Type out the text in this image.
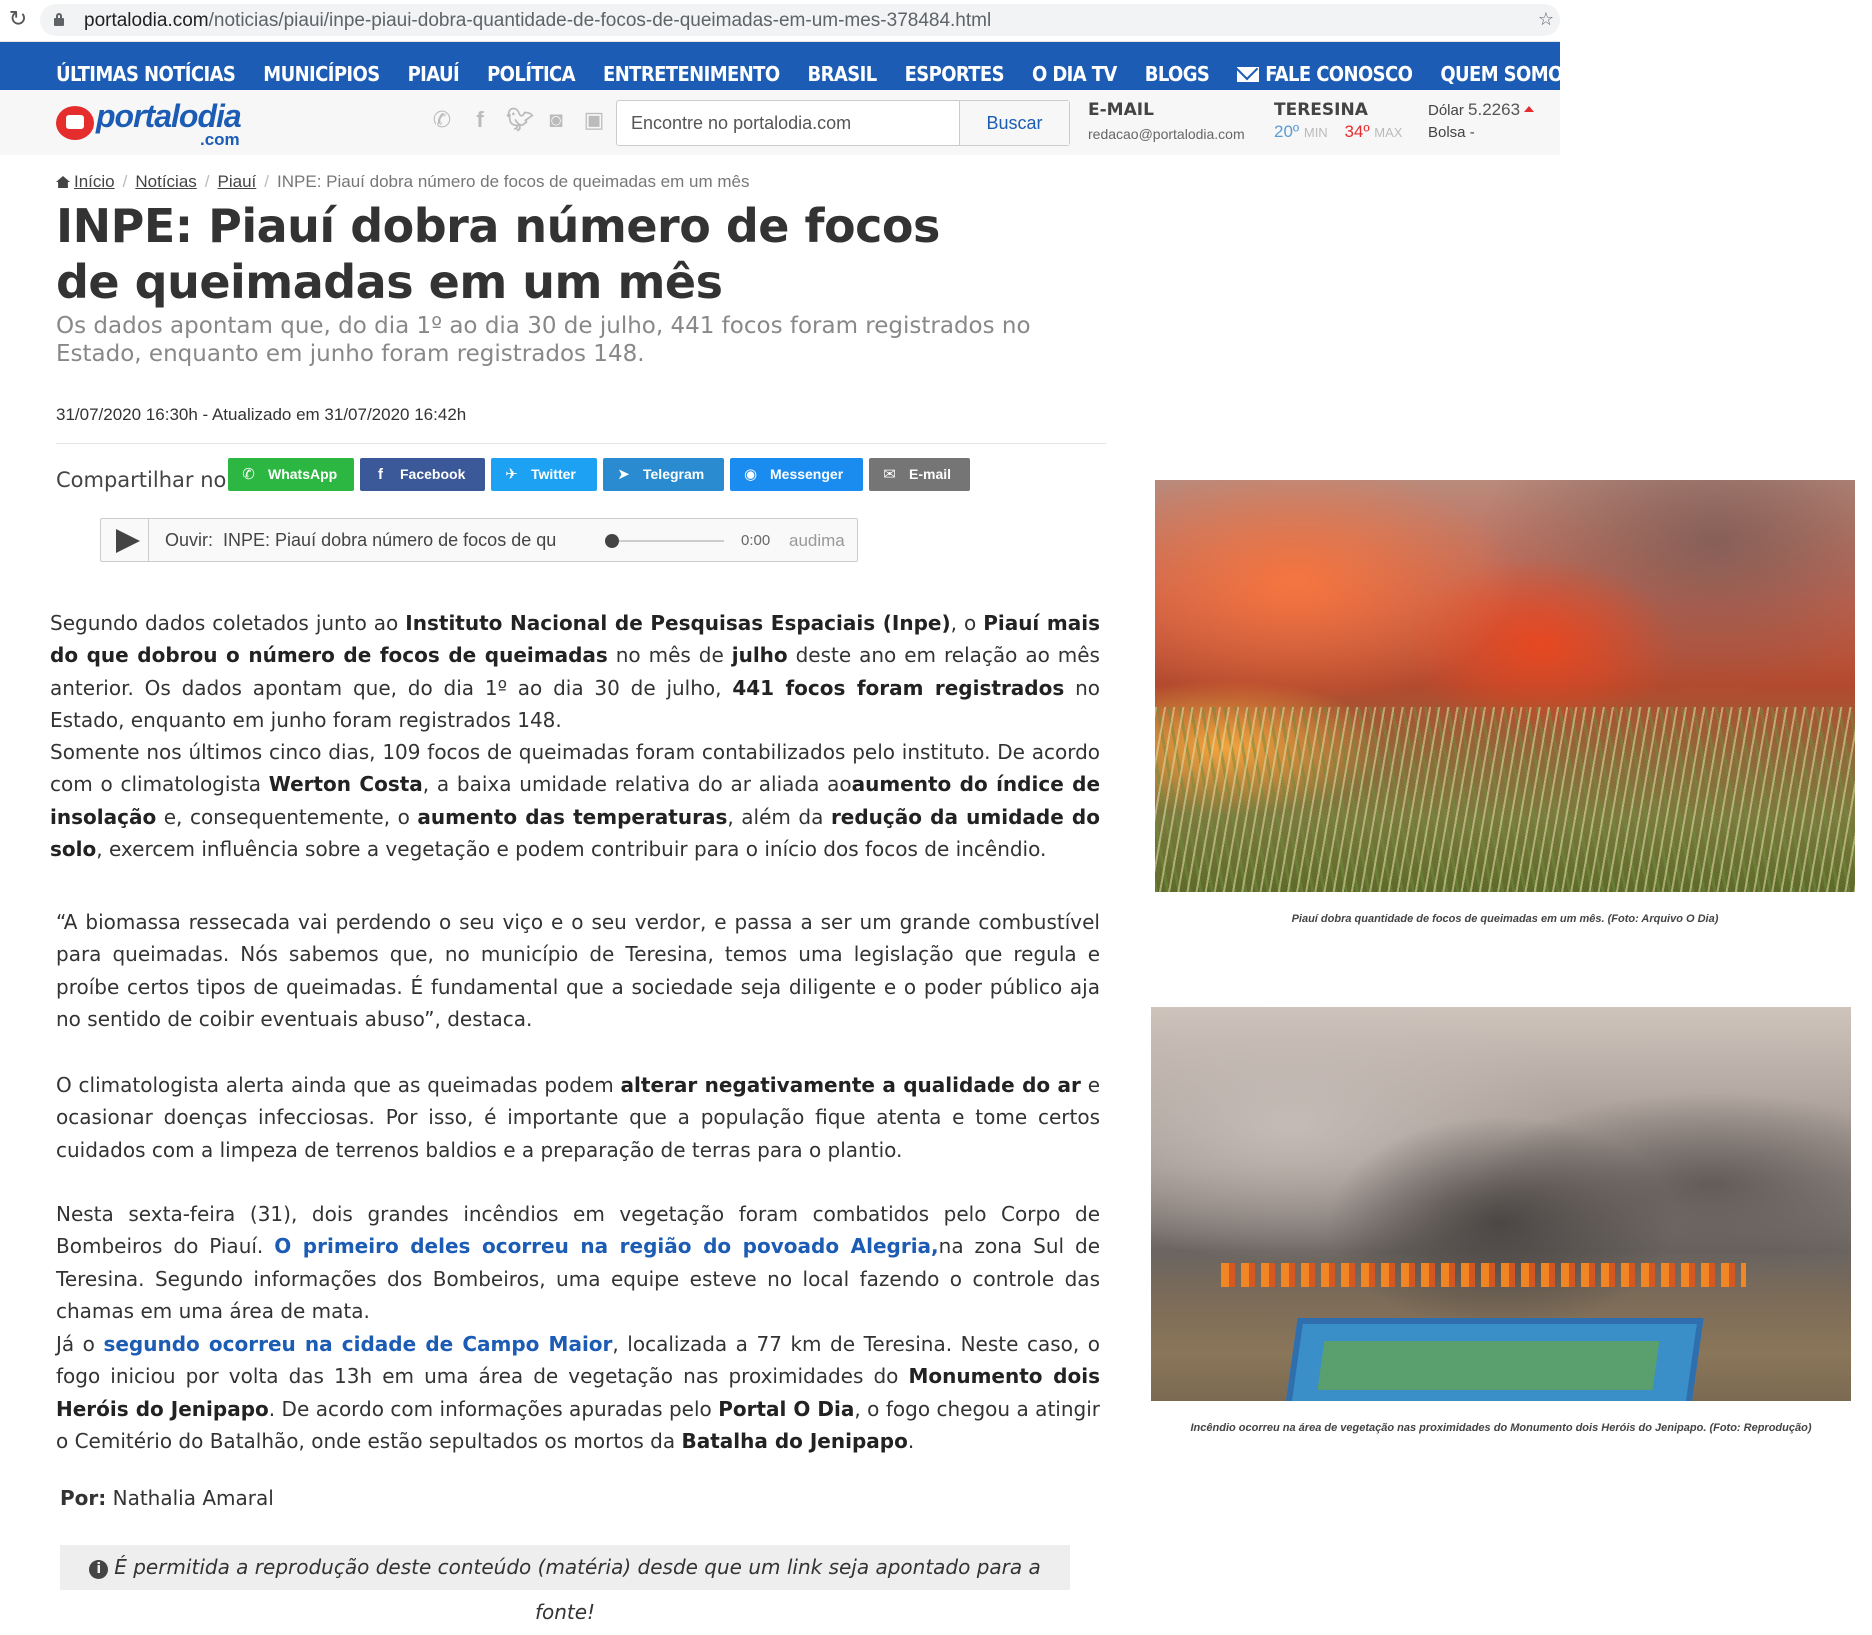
↻	portalodia.com/noticias/piaui/inpe-piaui-dobra-quantidade-de-focos-de-queimadas-em-um-mes-378484.html	☆
ÚLTIMAS NOTÍCIAS	MUNICÍPIOS	PIAUÍ	POLÍTICA	ENTRETENIMENTO	BRASIL	ESPORTES	O DIA TV	BLOGS	FALE CONOSCO	QUEM SOMOS
portalodia
.com
✆	f	🐦︎ ◙ ▣
Encontre no portalodia.com	Buscar
E-MAIL
redacao@portalodia.com
TERESINA
20º MIN 34º MAX
Dólar 5.2263
Bolsa -
Início / Notícias / Piauí / INPE: Piauí dobra número de focos de queimadas em um mês
INPE: Piauí dobra número de focos de queimadas em um mês

Os dados apontam que, do dia 1º ao dia 30 de julho, 441 focos foram registrados no Estado, enquanto em junho foram registrados 148.

31/07/2020 16:30h - Atualizado em 31/07/2020 16:42h
Compartilhar no ✆ WhatsApp	f	Facebook	✈ Twitter	➤ Telegram	◉ Messenger	✉ E-mail
Ouvir: INPE: Piauí dobra número de focos de qu	0:00 audima

Segundo dados coletados junto ao Instituto Nacional de Pesquisas Espaciais (Inpe), o Piauí mais do que dobrou o número de focos de queimadas no mês de julho deste ano em relação ao mês anterior. Os dados apontam que, do dia 1º ao dia 30 de julho, 441 focos foram registrados no Estado, enquanto em junho foram registrados 148.

Somente nos últimos cinco dias, 109 focos de queimadas foram contabilizados pelo instituto. De acordo com o climatologista Werton Costa, a baixa umidade relativa do ar aliada aoaumento do índice de insolação e, consequentemente, o aumento das temperaturas, além da redução da umidade do solo, exercem influência sobre a vegetação e podem contribuir para o início dos focos de incêndio.

“A biomassa ressecada vai perdendo o seu viço e o seu verdor, e passa a ser um grande combustível para queimadas. Nós sabemos que, no município de Teresina, temos uma legislação que regula e proíbe certos tipos de queimadas. É fundamental que a sociedade seja diligente e o poder público aja no sentido de coibir eventuais abuso”, destaca.

O climatologista alerta ainda que as queimadas podem alterar negativamente a qualidade do ar e ocasionar doenças infecciosas. Por isso, é importante que a população fique atenta e tome certos cuidados com a limpeza de terrenos baldios e a preparação de terras para o plantio.

Nesta sexta-feira (31), dois grandes incêndios em vegetação foram combatidos pelo Corpo de Bombeiros do Piauí. O primeiro deles ocorreu na região do povoado Alegria,na zona Sul de Teresina. Segundo informações dos Bombeiros, uma equipe esteve no local fazendo o controle das chamas em uma área de mata.

Já o segundo ocorreu na cidade de Campo Maior, localizada a 77 km de Teresina. Neste caso, o fogo iniciou por volta das 13h em uma área de vegetação nas proximidades do Monumento dois Heróis do Jenipapo. De acordo com informações apuradas pelo Portal O Dia, o fogo chegou a atingir o Cemitério do Batalhão, onde estão sepultados os mortos da Batalha do Jenipapo.

Por: Nathalia Amaral
i É permitida a reprodução deste conteúdo (matéria) desde que um link seja apontado para a fonte!
Piauí dobra quantidade de focos de queimadas em um mês. (Foto: Arquivo O Dia)
Incêndio ocorreu na área de vegetação nas proximidades do Monumento dois Heróis do Jenipapo. (Foto: Reprodução)
